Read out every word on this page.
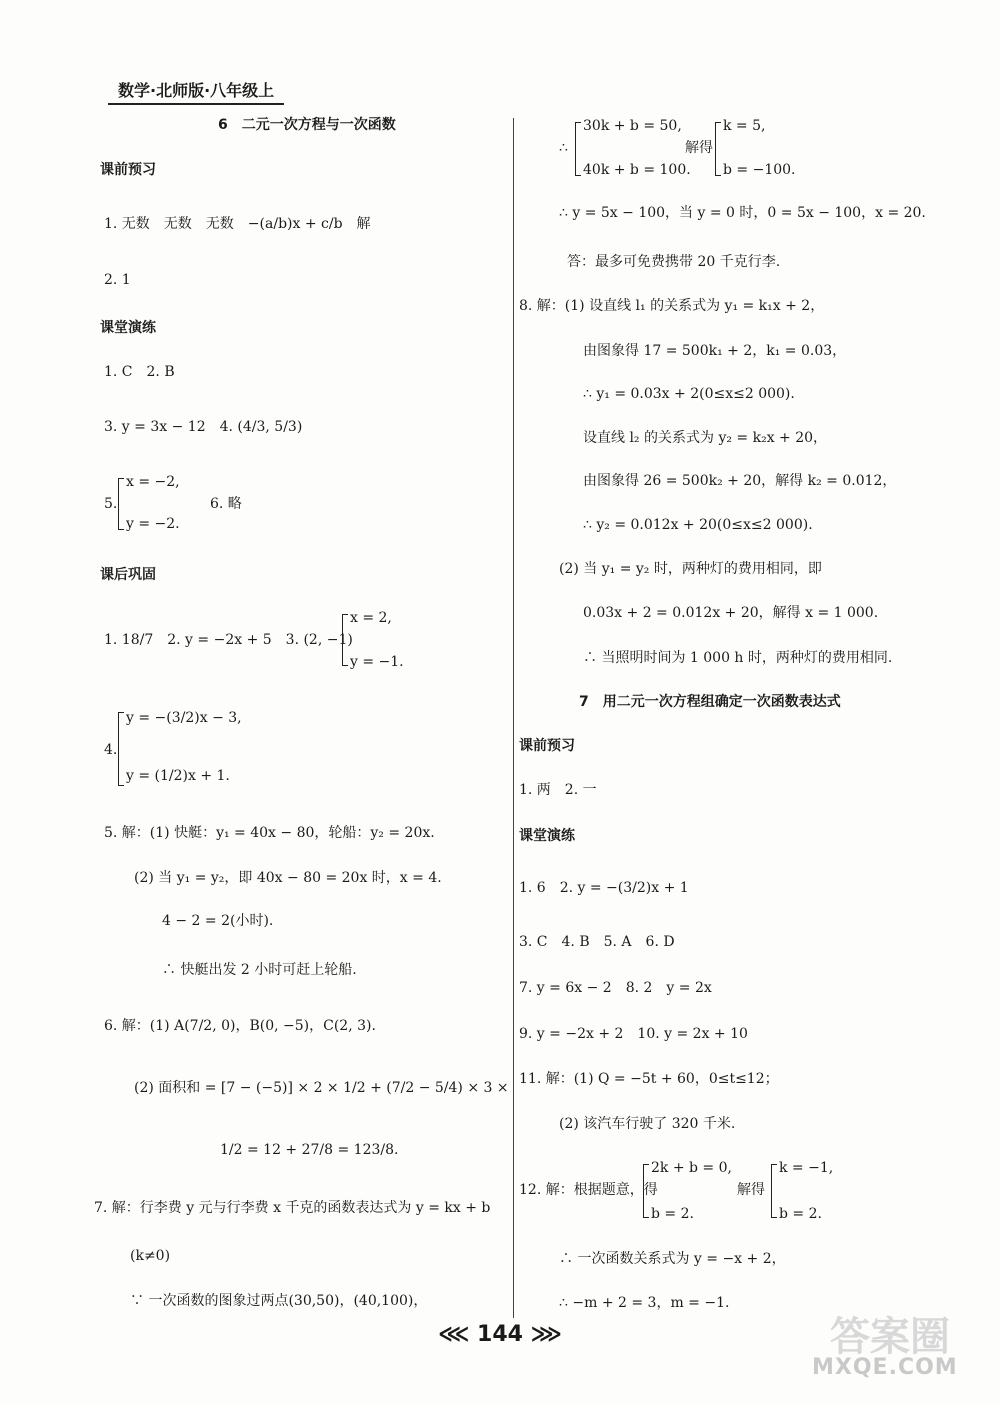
数学·北师版·八年级上
6　二元一次方程与一次函数
课前预习
1. 无数　无数　无数　−(a/b)x + c/b　解
2. 1
课堂演练
1. C　2. B
3. y = 3x − 12　4. (4/3, 5/3)
5.
x = −2,
y = −2.
6. 略
课后巩固
1. 18/7　2. y = −2x + 5　3. (2, −1)
x = 2,
y = −1.
4.
y = −(3/2)x − 3,
y = (1/2)x + 1.
5. 解：(1) 快艇：y₁ = 40x − 80，轮船：y₂ = 20x.
(2) 当 y₁ = y₂，即 40x − 80 = 20x 时，x = 4.
4 − 2 = 2(小时).
∴ 快艇出发 2 小时可赶上轮船.
6. 解：(1) A(7/2, 0)，B(0, −5)，C(2, 3).
(2) 面积和 = [7 − (−5)] × 2 × 1/2 + (7/2 − 5/4) × 3 ×
1/2 = 12 + 27/8 = 123/8.
7. 解：行李费 y 元与行李费 x 千克的函数表达式为 y = kx + b
(k≠0)
∵ 一次函数的图象过两点(30,50)，(40,100)，
∴
30k + b = 50,
40k + b = 100.
解得
k = 5,
b = −100.
∴ y = 5x − 100，当 y = 0 时，0 = 5x − 100，x = 20.
答：最多可免费携带 20 千克行李.
8. 解：(1) 设直线 l₁ 的关系式为 y₁ = k₁x + 2，
由图象得 17 = 500k₁ + 2，k₁ = 0.03，
∴ y₁ = 0.03x + 2(0≤x≤2 000).
设直线 l₂ 的关系式为 y₂ = k₂x + 20，
由图象得 26 = 500k₂ + 20，解得 k₂ = 0.012，
∴ y₂ = 0.012x + 20(0≤x≤2 000).
(2) 当 y₁ = y₂ 时，两种灯的费用相同，即
0.03x + 2 = 0.012x + 20，解得 x = 1 000.
∴ 当照明时间为 1 000 h 时，两种灯的费用相同.
7　用二元一次方程组确定一次函数表达式
课前预习
1. 两　2. 一
课堂演练
1. 6　2. y = −(3/2)x + 1
3. C　4. B　5. A　6. D
7. y = 6x − 2　8. 2　y = 2x
9. y = −2x + 2　10. y = 2x + 10
11. 解：(1) Q = −5t + 60，0≤t≤12；
(2) 该汽车行驶了 320 千米.
12. 解：根据题意，得
2k + b = 0,
b = 2.
解得
k = −1,
b = 2.
∴ 一次函数关系式为 y = −x + 2，
∴ −m + 2 = 3，m = −1.
⋘ 144 ⋙	答案圈
MXQE.COM
